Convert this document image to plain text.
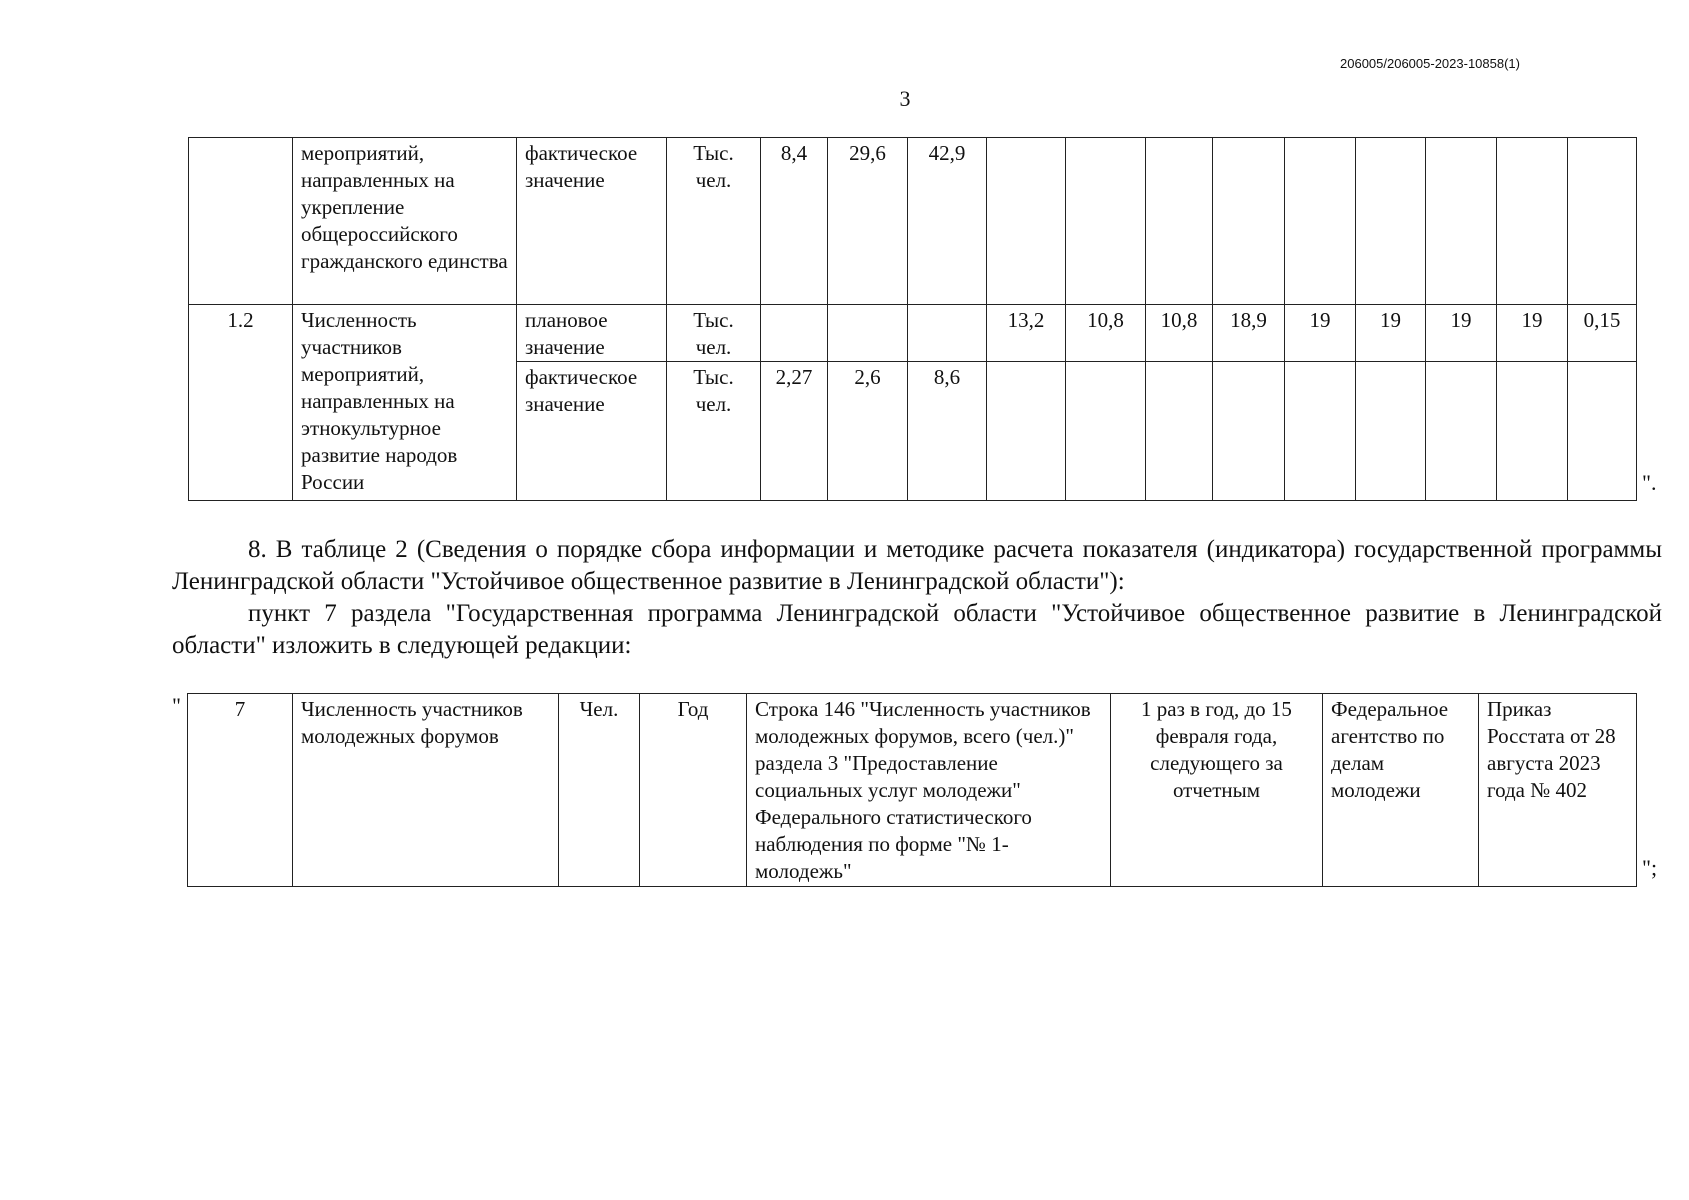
206005/206005-2023-10858(1)
3
	мероприятий, направленных на укрепление общероссийского гражданского единства	фактическое значение	Тыс. чел.	8,4	29,6	42,9									
1.2	Численность участников мероприятий, направленных на этнокультурное развитие народов России	плановое значение	Тыс. чел.				13,2	10,8	10,8	18,9	19	19	19	19	0,15
		фактическое значение	Тыс. чел.	2,27	2,6	8,6									
".

8. В таблице 2 (Сведения о порядке сбора информации и методике расчета показателя (индикатора) государственной программы Ленинградской области "Устойчивое общественное развитие в Ленинградской области"):

пункт 7 раздела "Государственная программа Ленинградской области "Устойчивое общественное развитие в Ленинградской области" изложить в следующей редакции:

"	7	Численность участников молодежных форумов	Чел.	Год	Строка 146 "Численность участников молодежных форумов, всего (чел.)" раздела 3 "Предоставление социальных услуг молодежи" Федерального статистического наблюдения по форме "№ 1-молодежь"	1 раз в год, до 15 февраля года, следующего за отчетным	Федеральное агентство по делам молодежи	Приказ Росстата от 28 августа 2023 года № 402
";
